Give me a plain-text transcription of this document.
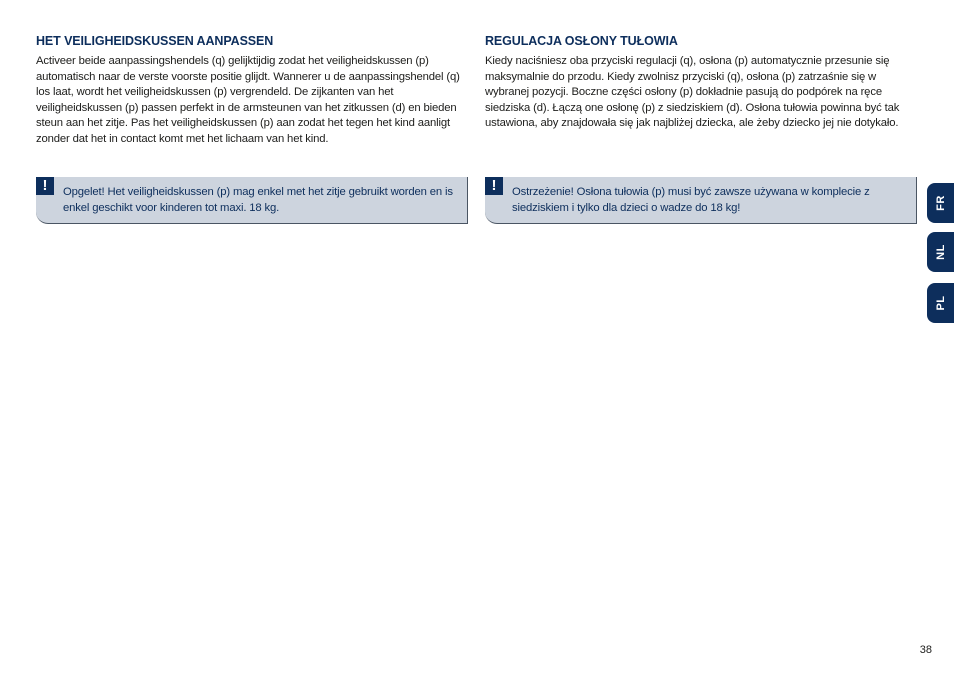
HET VEILIGHEIDSKUSSEN AANPASSEN

Activeer beide aanpassingshendels (q) gelijktijdig zodat het veiligheidskussen (p) automatisch naar de verste voorste positie glijdt. Wannerer u de aanpassingshendel (q) los laat, wordt het veiligheidskussen (p) vergrendeld. De zijkanten van het veiligheidskussen (p) passen perfekt in de armsteunen van het zitkussen (d) en bieden steun aan het zitje. Pas het veiligheidskussen (p) aan zodat het tegen het kind aanligt zonder dat het in contact komt met het lichaam van het kind.

REGULACJA OSŁONY TUŁOWIA

Kiedy naciśniesz oba przyciski regulacji (q), osłona (p) automatycznie przesunie się maksymalnie do przodu. Kiedy zwolnisz przyciski (q), osłona (p) zatrzaśnie się w wybranej pozycji. Boczne części osłony (p) dokładnie pasują do podpórek na ręce siedziska (d). Łączą one osłonę (p) z siedziskiem (d). Osłona tułowia powinna być tak ustawiona, aby znajdowała się jak najbliżej dziecka, ale żeby dziecko jej nie dotykało.

!	Opgelet! Het veiligheidskussen (p) mag enkel met het zitje gebruikt worden en is enkel geschikt voor kinderen tot maxi. 18 kg.

!	Ostrzeżenie! Osłona tułowia (p) musi być zawsze używana w komplecie z siedziskiem i tylko dla dzieci o wadze do 18 kg!	FR
NL
PL
38
